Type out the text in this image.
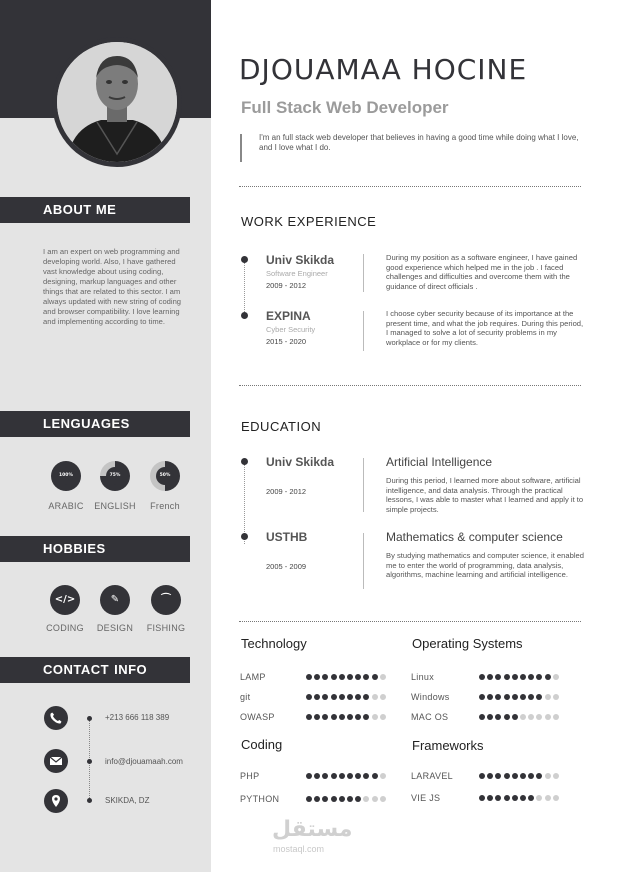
ABOUT ME
I am an expert on web programming and developing world. Also, I have gathered vast knowledge about using coding, designing, markup languages and other things that are related to this sector. I am always updated with new string of coding and browser compatibility. I love learning and implementing according to time.
LENGUAGES
100%
ARABIC
75%
ENGLISH
50%
French
HOBBIES
</>
CODING
✎
DESIGN
⌒
FISHING
CONTACT INFO
+213 666 118 389
info@djouamaah.com
SKIKDA, DZ
DJOUAMAA HOCINE
Full Stack Web Developer
I'm an full stack web developer that believes in having a good time while doing what I love, and I love what I do.
WORK EXPERIENCE
Univ Skikda
Software Engineer
2009 - 2012
During my position as a software engineer, I have gained good experience which helped me in the job . I faced challenges and difficulties and overcome them with the guidance of direct officials .
EXPINA
Cyber Security
2015 - 2020
I choose cyber security because of its importance at the present time, and what the job requires. During this period, I managed to solve a lot of security problems in my workplace or for my clients.
EDUCATION
Univ Skikda
2009 - 2012
Artificial Intelligence
During this period, I learned more about software, artificial intelligence, and data analysis. Through the practical lessons, I was able to master what I learned and apply it to simple projects.
USTHB
2005 - 2009
Mathematics & computer science
By studying mathematics and computer science, it enabled me to enter the world of programming, data analysis, algorithms, machine learning and artificial intelligence.
Technology	Operating Systems
Coding	Frameworks
LAMP
git
OWASP
Linux
Windows
MAC OS
PHP
PYTHON
LARAVEL
VIE JS
مستقل
mostaql.com
